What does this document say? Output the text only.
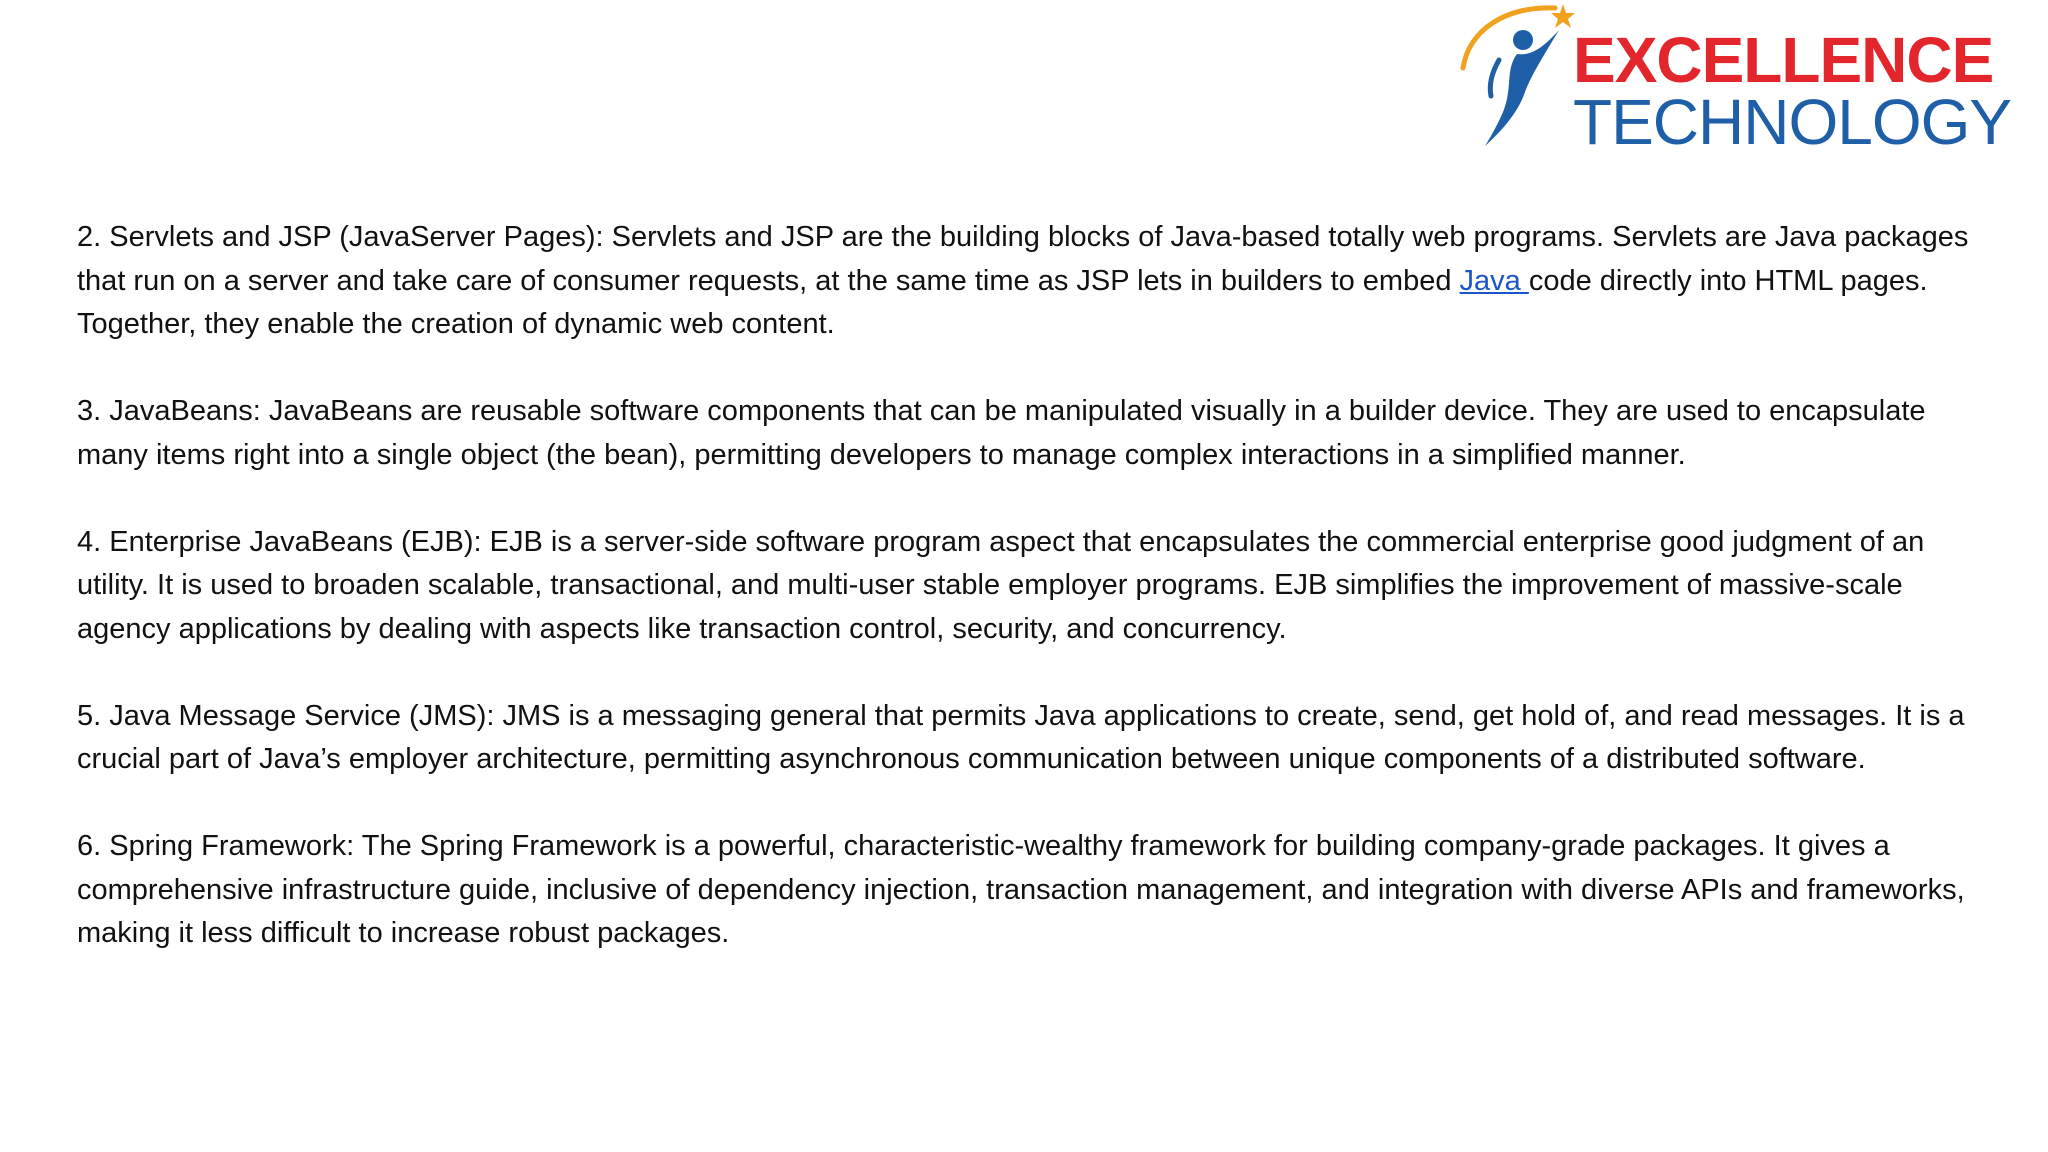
EXCELLENCE
TECHNOLOGY

2. Servlets and JSP (JavaServer Pages): Servlets and JSP are the building blocks of Java-based totally web programs. Servlets are Java packages that run on a server and take care of consumer requests, at the same time as JSP lets in builders to embed Java code directly into HTML pages. Together, they enable the creation of dynamic web content.

3. JavaBeans: JavaBeans are reusable software components that can be manipulated visually in a builder device. They are used to encapsulate many items right into a single object (the bean), permitting developers to manage complex interactions in a simplified manner.

4. Enterprise JavaBeans (EJB): EJB is a server-side software program aspect that encapsulates the commercial enterprise good judgment of an utility. It is used to broaden scalable, transactional, and multi-user stable employer programs. EJB simplifies the improvement of massive-scale agency applications by dealing with aspects like transaction control, security, and concurrency.

5. Java Message Service (JMS): JMS is a messaging general that permits Java applications to create, send, get hold of, and read messages. It is a crucial part of Java’s employer architecture, permitting asynchronous communication between unique components of a distributed software.

6. Spring Framework: The Spring Framework is a powerful, characteristic-wealthy framework for building company-grade packages. It gives a comprehensive infrastructure guide, inclusive of dependency injection, transaction management, and integration with diverse APIs and frameworks, making it less difficult to increase robust packages.
